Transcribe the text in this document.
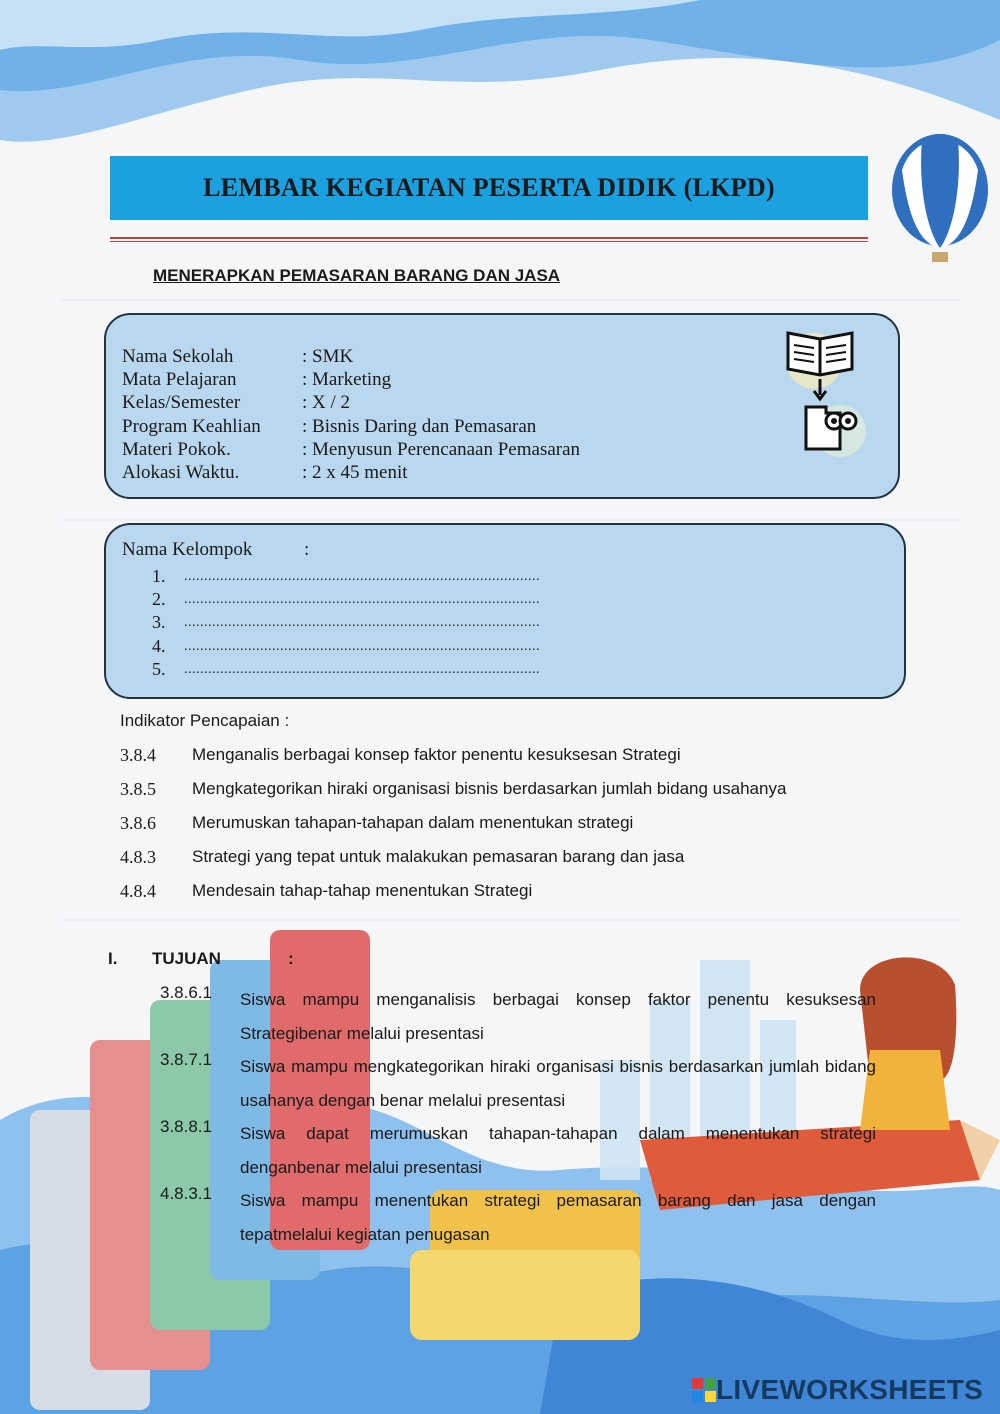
LEMBAR KEGIATAN PESERTA DIDIK (LKPD)
MENERAPKAN PEMASARAN BARANG DAN JASA
Nama Sekolah	: SMK
Mata Pelajaran	: Marketing
Kelas/Semester	: X / 2
Program Keahlian	: Bisnis Daring dan Pemasaran
Materi Pokok.	: Menyusun Perencanaan Pemasaran
Alokasi Waktu.	: 2 x 45 menit
Nama Kelompok	:
1.	.........................................................................................
2.	.........................................................................................
3.	.........................................................................................
4.	.........................................................................................
5.	.........................................................................................
Indikator Pencapaian :
3.8.4	Menganalis berbagai konsep faktor penentu kesuksesan Strategi
3.8.5	Mengkategorikan hiraki organisasi bisnis berdasarkan jumlah bidang usahanya
3.8.6	Merumuskan tahapan-tahapan dalam menentukan strategi
4.8.3	Strategi yang tepat untuk malakukan pemasaran barang dan jasa
4.8.4	Mendesain tahap-tahap menentukan Strategi
I.	TUJUAN	:
3.8.6.1	Siswa mampu menganalisis berbagai konsep faktor penentu kesuksesan Strategibenar melalui presentasi
3.8.7.1	Siswa mampu mengkategorikan hiraki organisasi bisnis berdasarkan jumlah bidang usahanya dengan benar melalui presentasi
3.8.8.1	Siswa dapat merumuskan tahapan-tahapan dalam menentukan strategi denganbenar melalui presentasi
4.8.3.1	Siswa mampu menentukan strategi pemasaran barang dan jasa dengan tepatmelalui kegiatan penugasan
LIVEWORKSHEETS
